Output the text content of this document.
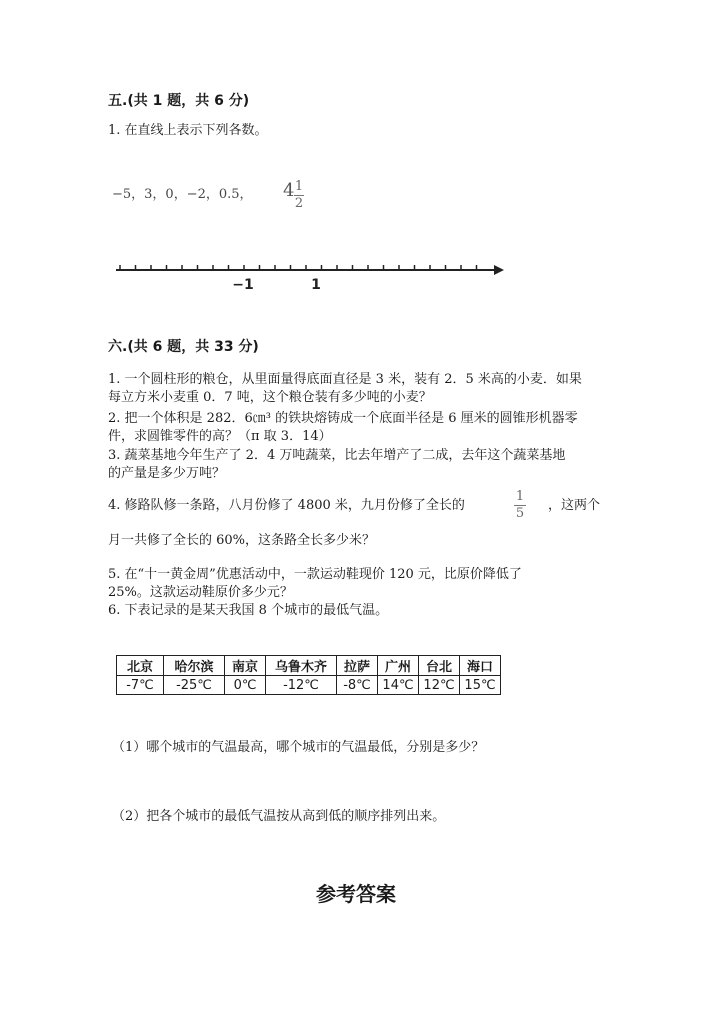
五.(共 1 题，共 6 分)
1. 在直线上表示下列各数。
−5，3，0，−2，0.5， 4 1
2
−1	1
六.(共 6 题，共 33 分)
1. 一个圆柱形的粮仓，从里面量得底面直径是 3 米，装有 2．5 米高的小麦．如果
每立方米小麦重 0．7 吨，这个粮仓装有多少吨的小麦？
2. 把一个体积是 282．6㎝³ 的铁块熔铸成一个底面半径是 6 厘米的圆锥形机器零
件，求圆锥零件的高？（π 取 3．14）
3. 蔬菜基地今年生产了 2．4 万吨蔬菜，比去年增产了二成，去年这个蔬菜基地
的产量是多少万吨？
4. 修路队修一条路，八月份修了 4800 米，九月份修了全长的
1
5
，这两个
月一共修了全长的 60%，这条路全长多少米？
5. 在“十一黄金周”优惠活动中，一款运动鞋现价 120 元，比原价降低了
25%。这款运动鞋原价多少元？
6. 下表记录的是某天我国 8 个城市的最低气温。
北京	哈尔滨	南京	乌鲁木齐	拉萨	广州	台北	海口
-7℃	-25℃	0℃	-12℃	-8℃	14℃	12℃	15℃
（1）哪个城市的气温最高，哪个城市的气温最低，分别是多少？
（2）把各个城市的最低气温按从高到低的顺序排列出来。
参考答案
